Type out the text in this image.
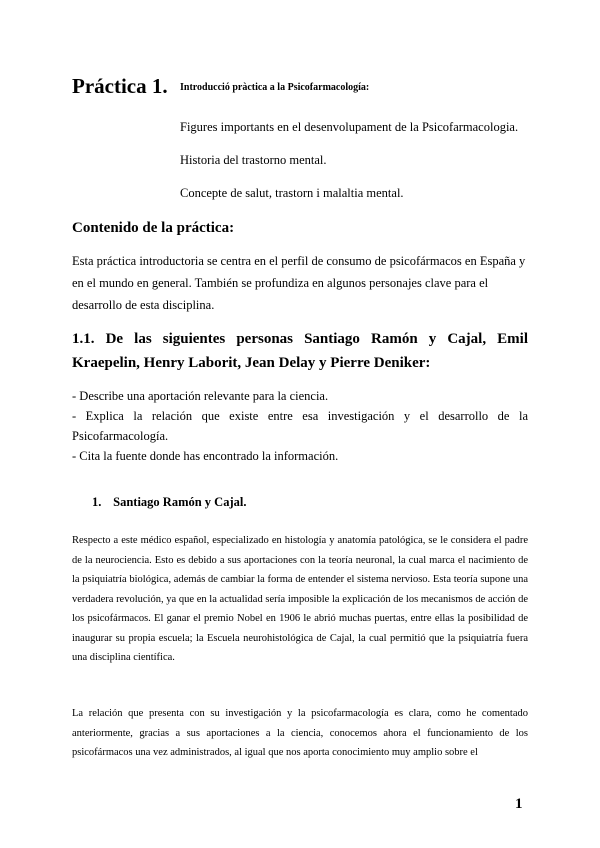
Práctica 1. Introducció pràctica a la Psicofarmacología:
Figures importants en el desenvolupament de la Psicofarmacologia.
Historia del trastorno mental.
Concepte de salut, trastorn i malaltia mental.
Contenido de la práctica:
Esta práctica introductoria se centra en el perfil de consumo de psicofármacos en España y en el mundo en general. También se profundiza en algunos personajes clave para el desarrollo de esta disciplina.
1.1. De las siguientes personas Santiago Ramón y Cajal, Emil Kraepelin, Henry Laborit, Jean Delay y Pierre Deniker:

- Describe una aportación relevante para la ciencia.

- Explica la relación que existe entre esa investigación y el desarrollo de la Psicofarmacología.

- Cita la fuente donde has encontrado la información.

1. Santiago Ramón y Cajal.
Respecto a este médico español, especializado en histología y anatomía patológica, se le considera el padre de la neurociencia. Esto es debido a sus aportaciones con la teoría neuronal, la cual marca el nacimiento de la psiquiatría biológica, además de cambiar la forma de entender el sistema nervioso. Esta teoría supone una verdadera revolución, ya que en la actualidad sería imposible la explicación de los mecanismos de acción de los psicofármacos. El ganar el premio Nobel en 1906 le abrió muchas puertas, entre ellas la posibilidad de inaugurar su propia escuela; la Escuela neurohistológica de Cajal, la cual permitió que la psiquiatría fuera una disciplina científica.
La relación que presenta con su investigación y la psicofarmacología es clara, como he comentado anteriormente, gracias a sus aportaciones a la ciencia, conocemos ahora el funcionamiento de los psicofármacos una vez administrados, al igual que nos aporta conocimiento muy amplio sobre el
1
